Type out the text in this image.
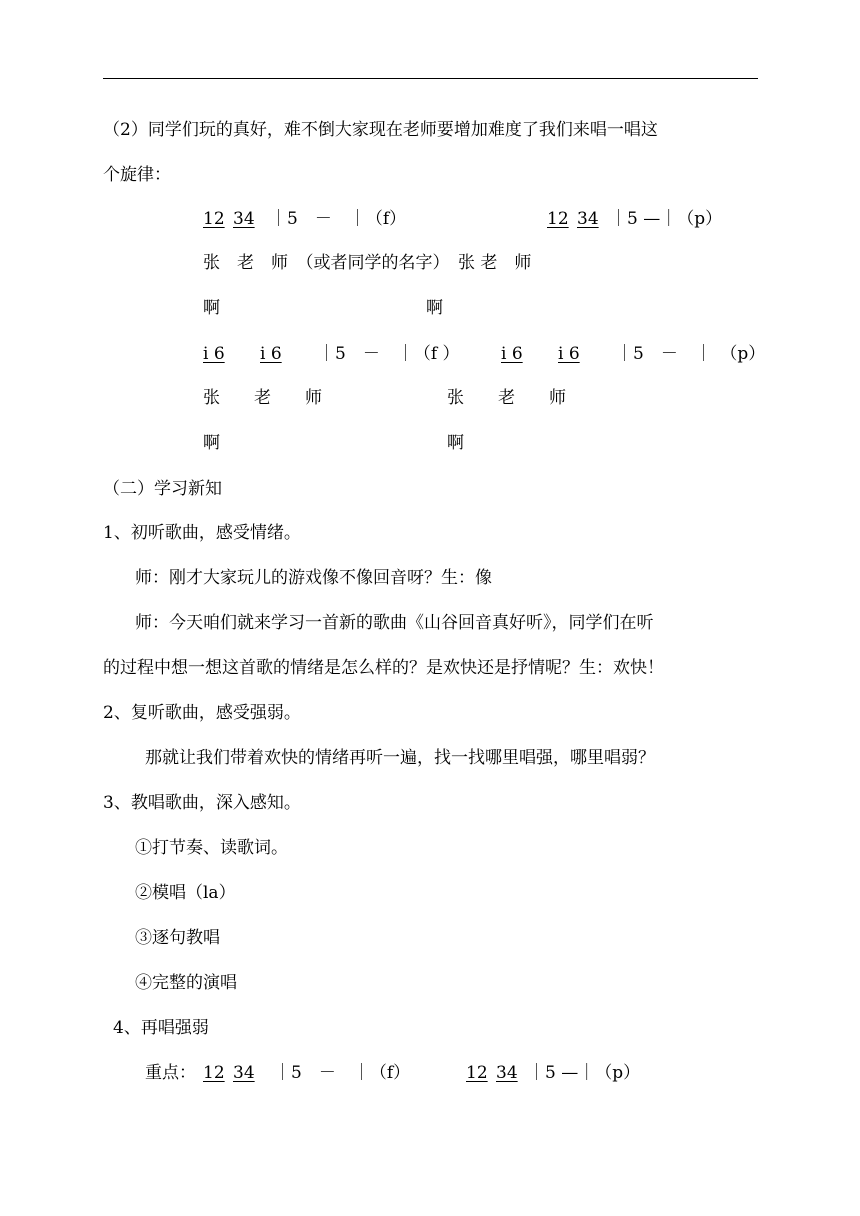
（2）同学们玩的真好，难不倒大家现在老师要增加难度了我们来唱一唱这
个旋律：
12 34 ｜5　－　｜（f）	12 34 ｜5 —｜（p）
张　老　师　（或者同学的名字）　张 老　师
啊	啊
i 6 	i 6 ｜5　－　｜（f ） i 6 	i 6 ｜5　－　｜　（p）
张　　老　　师	张　　老　　师
啊	啊
（二）学习新知
1、初听歌曲，感受情绪。
师：刚才大家玩儿的游戏像不像回音呀？生：像
师：今天咱们就来学习一首新的歌曲《山谷回音真好听》，同学们在听
的过程中想一想这首歌的情绪是怎么样的？是欢快还是抒情呢？生：欢快！
2、复听歌曲，感受强弱。
那就让我们带着欢快的情绪再听一遍，找一找哪里唱强，哪里唱弱？
3、教唱歌曲，深入感知。
①打节奏、读歌词。
②模唱（la）
③逐句教唱
④完整的演唱
4、再唱强弱
重点： 12 34 ｜5　－　｜（f）	12 34 ｜5 —｜（p）
